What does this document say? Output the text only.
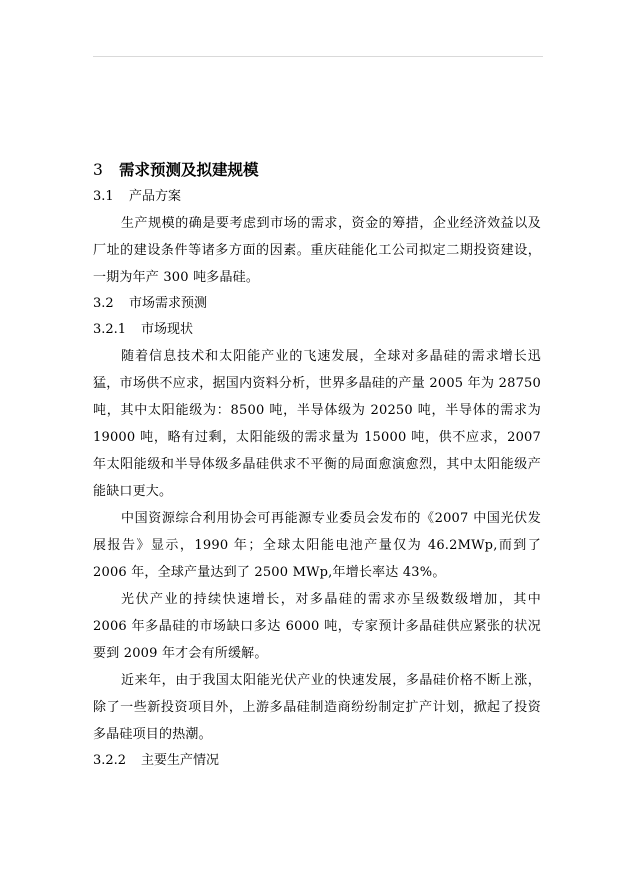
3 需求预测及拟建规模
3.1 产品方案

生产规模的确是要考虑到市场的需求，资金的筹措，企业经济效益以及厂址的建设条件等诸多方面的因素。重庆硅能化工公司拟定二期投资建设，一期为年产 300 吨多晶硅。

3.2 市场需求预测
3.2.1 市场现状

随着信息技术和太阳能产业的飞速发展，全球对多晶硅的需求增长迅猛，市场供不应求，据国内资料分析，世界多晶硅的产量 2005 年为 28750 吨，其中太阳能级为：8500 吨，半导体级为 20250 吨，半导体的需求为 19000 吨，略有过剩，太阳能级的需求量为 15000 吨，供不应求，2007 年太阳能级和半导体级多晶硅供求不平衡的局面愈演愈烈，其中太阳能级产能缺口更大。

中国资源综合利用协会可再能源专业委员会发布的《2007 中国光伏发展报告》显示，1990 年；全球太阳能电池产量仅为 46.2MWp,而到了 2006 年，全球产量达到了 2500 MWp,年增长率达 43%。

光伏产业的持续快速增长，对多晶硅的需求亦呈级数级增加，其中 2006 年多晶硅的市场缺口多达 6000 吨，专家预计多晶硅供应紧张的状况要到 2009 年才会有所缓解。

近来年，由于我国太阳能光伏产业的快速发展，多晶硅价格不断上涨，除了一些新投资项目外，上游多晶硅制造商纷纷制定扩产计划，掀起了投资多晶硅项目的热潮。

3.2.2 主要生产情况
